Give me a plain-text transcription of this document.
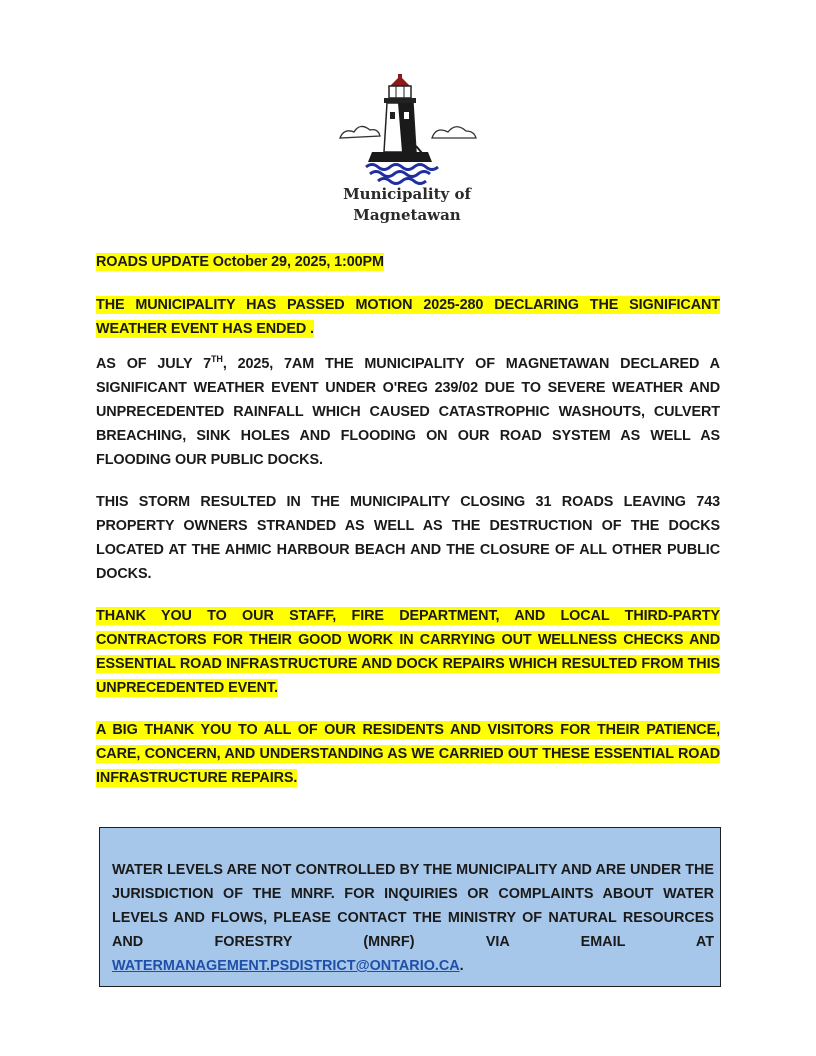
Municipality of
Magnetawan
ROADS UPDATE October 29, 2025, 1:00PM
THE MUNICIPALITY HAS PASSED MOTION 2025-280 DECLARING THE SIGNIFICANT WEATHER EVENT HAS ENDED .
AS OF JULY 7TH, 2025, 7AM THE MUNICIPALITY OF MAGNETAWAN DECLARED A SIGNIFICANT WEATHER EVENT UNDER O'REG 239/02 DUE TO SEVERE WEATHER AND UNPRECEDENTED RAINFALL WHICH CAUSED CATASTROPHIC WASHOUTS, CULVERT BREACHING, SINK HOLES AND FLOODING ON OUR ROAD SYSTEM AS WELL AS FLOODING OUR PUBLIC DOCKS.
THIS STORM RESULTED IN THE MUNICIPALITY CLOSING 31 ROADS LEAVING 743 PROPERTY OWNERS STRANDED AS WELL AS THE DESTRUCTION OF THE DOCKS LOCATED AT THE AHMIC HARBOUR BEACH AND THE CLOSURE OF ALL OTHER PUBLIC DOCKS.
THANK YOU TO OUR STAFF, FIRE DEPARTMENT, AND LOCAL THIRD-PARTY CONTRACTORS FOR THEIR GOOD WORK IN CARRYING OUT WELLNESS CHECKS AND ESSENTIAL ROAD INFRASTRUCTURE AND DOCK REPAIRS WHICH RESULTED FROM THIS UNPRECEDENTED EVENT.
A BIG THANK YOU TO ALL OF OUR RESIDENTS AND VISITORS FOR THEIR PATIENCE, CARE, CONCERN, AND UNDERSTANDING AS WE CARRIED OUT THESE ESSENTIAL ROAD INFRASTRUCTURE REPAIRS.
WATER LEVELS ARE NOT CONTROLLED BY THE MUNICIPALITY AND ARE UNDER THE JURISDICTION OF THE MNRF. FOR INQUIRIES OR COMPLAINTS ABOUT WATER LEVELS AND FLOWS, PLEASE CONTACT THE MINISTRY OF NATURAL RESOURCES AND FORESTRY (MNRF) VIA EMAIL AT WATERMANAGEMENT.PSDISTRICT@ONTARIO.CA.
